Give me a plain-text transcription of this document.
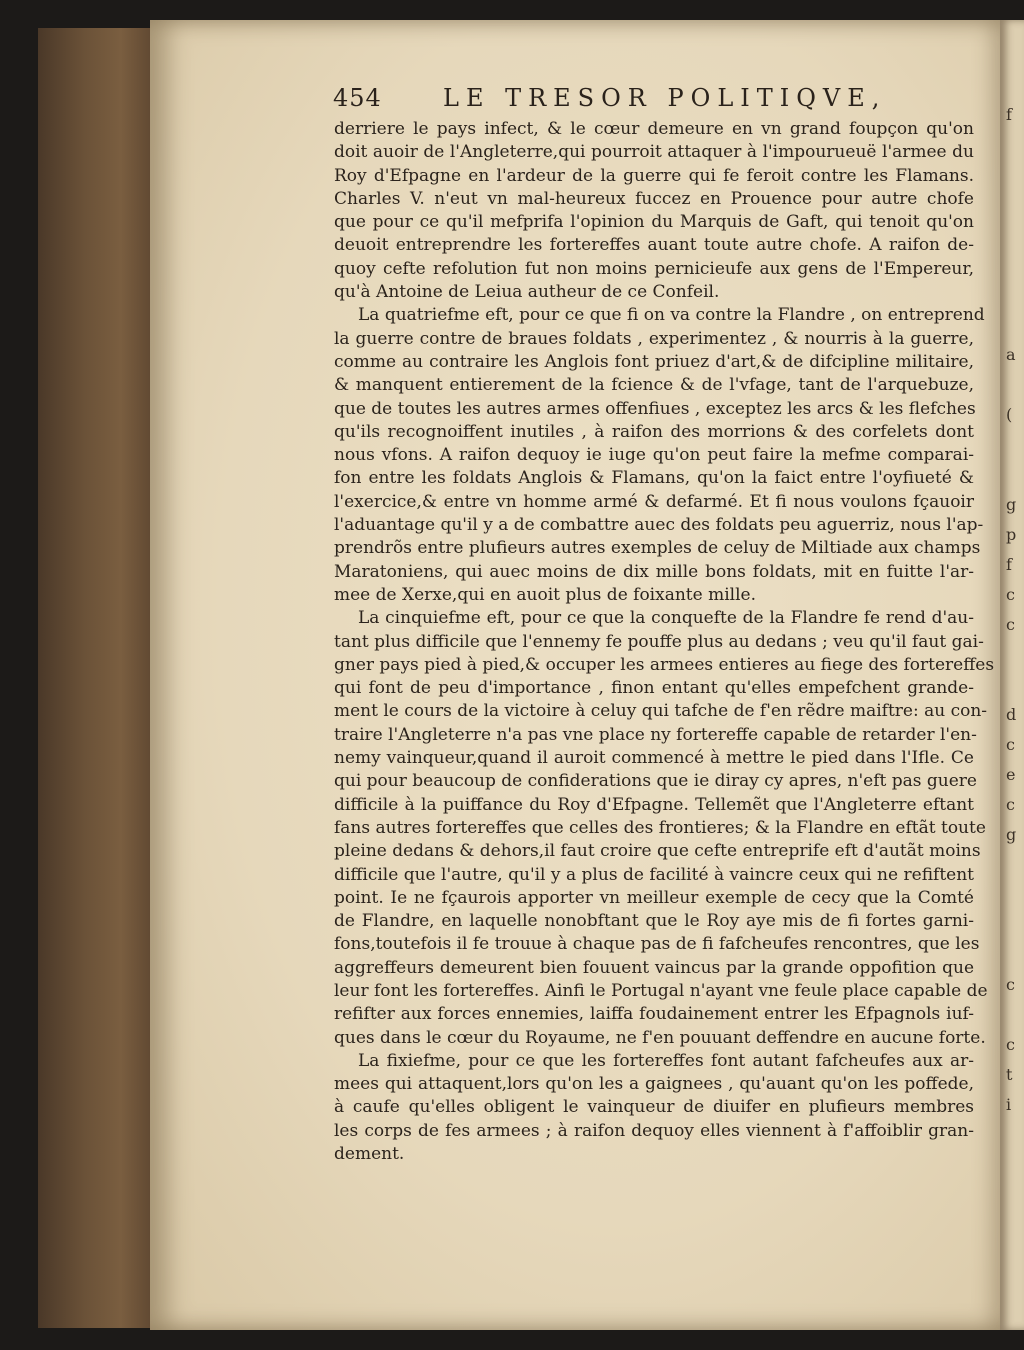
f
a
(
g
p
f
c
c
d
c
e
c
g
c
c
t
i
454	LE TRESOR POLITIQVE,
derriere le pays infect, & le cœur demeure en vn grand foupçon qu'on
doit auoir de l'Angleterre,qui pourroit attaquer à l'impourueuë l'armee du
Roy d'Efpagne en l'ardeur de la guerre qui fe feroit contre les Flamans.
Charles V. n'eut vn mal-heureux fuccez en Prouence pour autre chofe
que pour ce qu'il mefprifa l'opinion du Marquis de Gaft, qui tenoit qu'on
deuoit entreprendre les fortereffes auant toute autre chofe. A raifon de-
quoy cefte refolution fut non moins pernicieufe aux gens de l'Empereur,
qu'à Antoine de Leiua autheur de ce Confeil.
La quatriefme eft, pour ce que fi on va contre la Flandre , on entreprend
la guerre contre de braues foldats , experimentez , & nourris à la guerre,
comme au contraire les Anglois font priuez d'art,& de difcipline militaire,
& manquent entierement de la fcience & de l'vfage, tant de l'arquebuze,
que de toutes les autres armes offenfiues , exceptez les arcs & les flefches
qu'ils recognoiffent inutiles , à raifon des morrions & des corfelets dont
nous vfons. A raifon dequoy ie iuge qu'on peut faire la mefme comparai-
fon entre les foldats Anglois & Flamans, qu'on la faict entre l'oyfiueté &
l'exercice,& entre vn homme armé & defarmé. Et fi nous voulons fçauoir
l'aduantage qu'il y a de combattre auec des foldats peu aguerriz, nous l'ap-
prendrõs entre plufieurs autres exemples de celuy de Miltiade aux champs
Maratoniens, qui auec moins de dix mille bons foldats, mit en fuitte l'ar-
mee de Xerxe,qui en auoit plus de foixante mille.
La cinquiefme eft, pour ce que la conquefte de la Flandre fe rend d'au-
tant plus difficile que l'ennemy fe pouffe plus au dedans ; veu qu'il faut gai-
gner pays pied à pied,& occuper les armees entieres au fiege des fortereffes
qui font de peu d'importance , finon entant qu'elles empefchent grande-
ment le cours de la victoire à celuy qui tafche de f'en rẽdre maiftre: au con-
traire l'Angleterre n'a pas vne place ny fortereffe capable de retarder l'en-
nemy vainqueur,quand il auroit commencé à mettre le pied dans l'Ifle. Ce
qui pour beaucoup de confiderations que ie diray cy apres, n'eft pas guere
difficile à la puiffance du Roy d'Efpagne. Tellemẽt que l'Angleterre eftant
fans autres fortereffes que celles des frontieres; & la Flandre en eftãt toute
pleine dedans & dehors,il faut croire que cefte entreprife eft d'autãt moins
difficile que l'autre, qu'il y a plus de facilité à vaincre ceux qui ne refiftent
point. Ie ne fçaurois apporter vn meilleur exemple de cecy que la Comté
de Flandre, en laquelle nonobftant que le Roy aye mis de fi fortes garni-
fons,toutefois il fe trouue à chaque pas de fi fafcheufes rencontres, que les
aggreffeurs demeurent bien fouuent vaincus par la grande oppofition que
leur font les fortereffes. Ainfi le Portugal n'ayant vne feule place capable de
refifter aux forces ennemies, laiffa foudainement entrer les Efpagnols iuf-
ques dans le cœur du Royaume, ne f'en pouuant deffendre en aucune forte.
La fixiefme, pour ce que les fortereffes font autant fafcheufes aux ar-
mees qui attaquent,lors qu'on les a gaignees , qu'auant qu'on les poffede,
à caufe qu'elles obligent le vainqueur de diuifer en plufieurs membres
les corps de fes armees ; à raifon dequoy elles viennent à f'affoiblir gran-
dement.
